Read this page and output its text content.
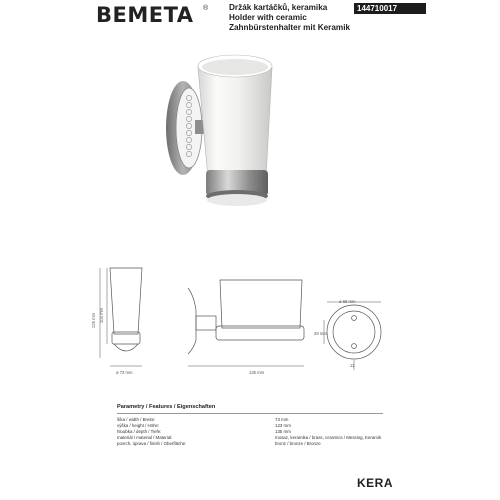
BEMETA ®	Držák kartáčků, keramika
Holder with ceramic
Zahnbürstenhalter mit Keramik
144710017
125 mm 104 mm
ø 73 mm	135 mm
ø 66 mm
28 mm
11
Parametry / Features / Eigenschaften
šíka / width / Breite:	73 mm
výška / height / Höhe:	123 mm
hloubka / depth / Tiefe:	135 mm
materiál / material / Material:	mosaz, keramika / brass, ceramics / Messing, Keramik
povrch, úprava / finish / Oberfläche:	bronz / bronze / Bronze
KERA
